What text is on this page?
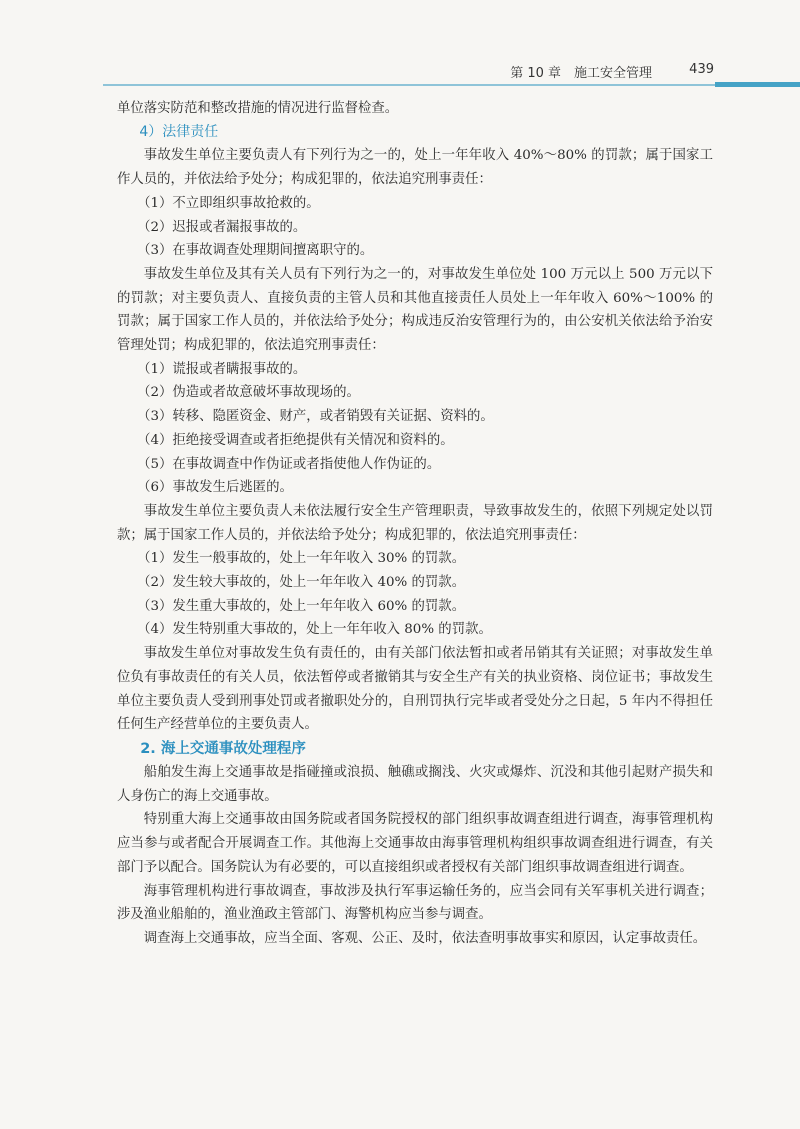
第 10 章　施工安全管理	439

单位落实防范和整改措施的情况进行监督检查。

4）法律责任

事故发生单位主要负责人有下列行为之一的，处上一年年收入 40%～80% 的罚款；属于国家工作人员的，并依法给予处分；构成犯罪的，依法追究刑事责任：

（1）不立即组织事故抢救的。

（2）迟报或者漏报事故的。

（3）在事故调查处理期间擅离职守的。

事故发生单位及其有关人员有下列行为之一的，对事故发生单位处 100 万元以上 500 万元以下的罚款；对主要负责人、直接负责的主管人员和其他直接责任人员处上一年年收入 60%～100% 的罚款；属于国家工作人员的，并依法给予处分；构成违反治安管理行为的，由公安机关依法给予治安管理处罚；构成犯罪的，依法追究刑事责任：

（1）谎报或者瞒报事故的。

（2）伪造或者故意破坏事故现场的。

（3）转移、隐匿资金、财产，或者销毁有关证据、资料的。

（4）拒绝接受调查或者拒绝提供有关情况和资料的。

（5）在事故调查中作伪证或者指使他人作伪证的。

（6）事故发生后逃匿的。

事故发生单位主要负责人未依法履行安全生产管理职责，导致事故发生的，依照下列规定处以罚款；属于国家工作人员的，并依法给予处分；构成犯罪的，依法追究刑事责任：

（1）发生一般事故的，处上一年年收入 30% 的罚款。

（2）发生较大事故的，处上一年年收入 40% 的罚款。

（3）发生重大事故的，处上一年年收入 60% 的罚款。

（4）发生特别重大事故的，处上一年年收入 80% 的罚款。

事故发生单位对事故发生负有责任的，由有关部门依法暂扣或者吊销其有关证照；对事故发生单位负有事故责任的有关人员，依法暂停或者撤销其与安全生产有关的执业资格、岗位证书；事故发生单位主要负责人受到刑事处罚或者撤职处分的，自刑罚执行完毕或者受处分之日起，5 年内不得担任任何生产经营单位的主要负责人。

2. 海上交通事故处理程序

船舶发生海上交通事故是指碰撞或浪损、触礁或搁浅、火灾或爆炸、沉没和其他引起财产损失和人身伤亡的海上交通事故。

特别重大海上交通事故由国务院或者国务院授权的部门组织事故调查组进行调查，海事管理机构应当参与或者配合开展调查工作。其他海上交通事故由海事管理机构组织事故调查组进行调查，有关部门予以配合。国务院认为有必要的，可以直接组织或者授权有关部门组织事故调查组进行调查。

海事管理机构进行事故调查，事故涉及执行军事运输任务的，应当会同有关军事机关进行调查；涉及渔业船舶的，渔业渔政主管部门、海警机构应当参与调查。

调查海上交通事故，应当全面、客观、公正、及时，依法查明事故事实和原因，认定事故责任。
